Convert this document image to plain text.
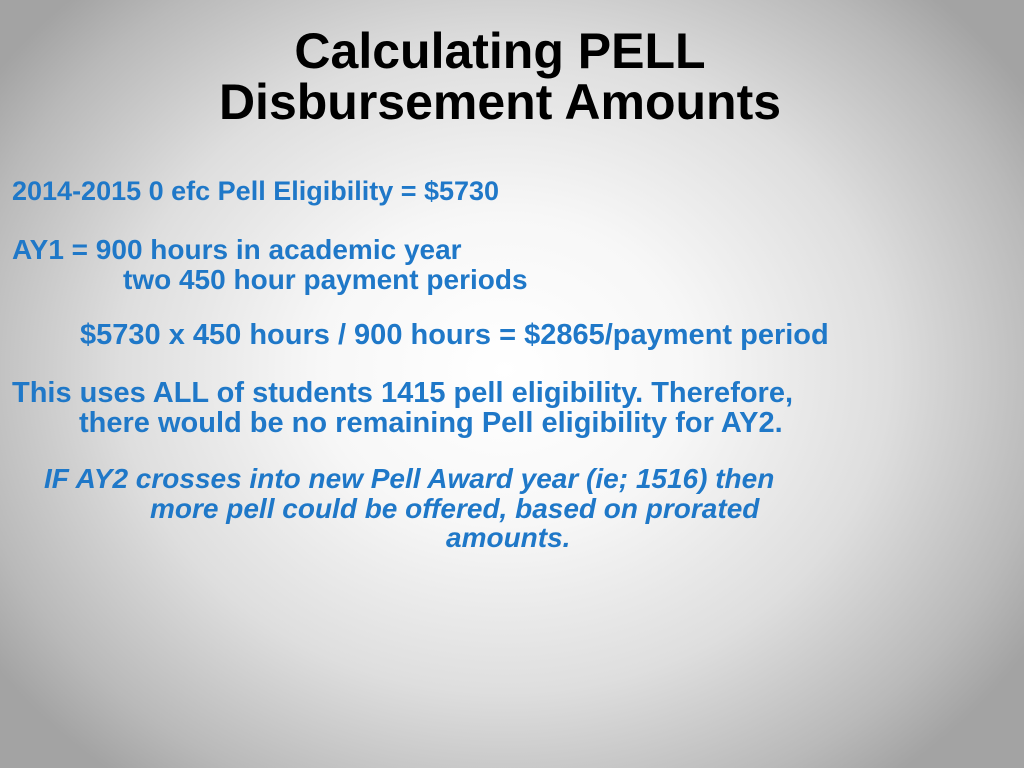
Calculating PELL
Disbursement Amounts
2014-2015 0 efc Pell Eligibility = $5730
AY1 = 900 hours in academic year
two 450 hour payment periods
$5730 x 450 hours / 900 hours = $2865/payment period
This uses ALL of students 1415 pell eligibility. Therefore,
there would be no remaining Pell eligibility for AY2.
IF AY2 crosses into new Pell Award year (ie; 1516) then
more pell could be offered, based on prorated
amounts.
